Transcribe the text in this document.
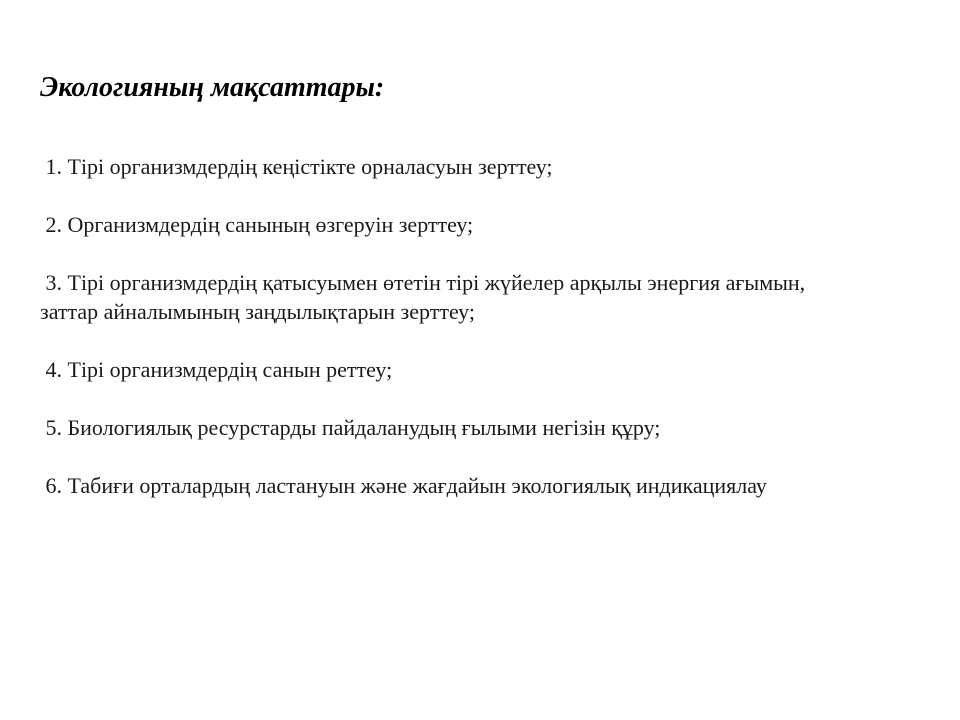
Экологияның мақсаттары:
1. Тірі организмдердің кеңістікте орналасуын зерттеу;
2. Организмдердің санының өзгеруін зерттеу;
3. Тірі организмдердің қатысуымен өтетін тірі жүйелер арқылы энергия ағымын, заттар айналымының заңдылықтарын зерттеу;
4. Тірі организмдердің санын реттеу;
5. Биологиялық ресурстарды пайдаланудың ғылыми негізін құру;
6. Табиғи орталардың ластануын және жағдайын экологиялық индикациялау
